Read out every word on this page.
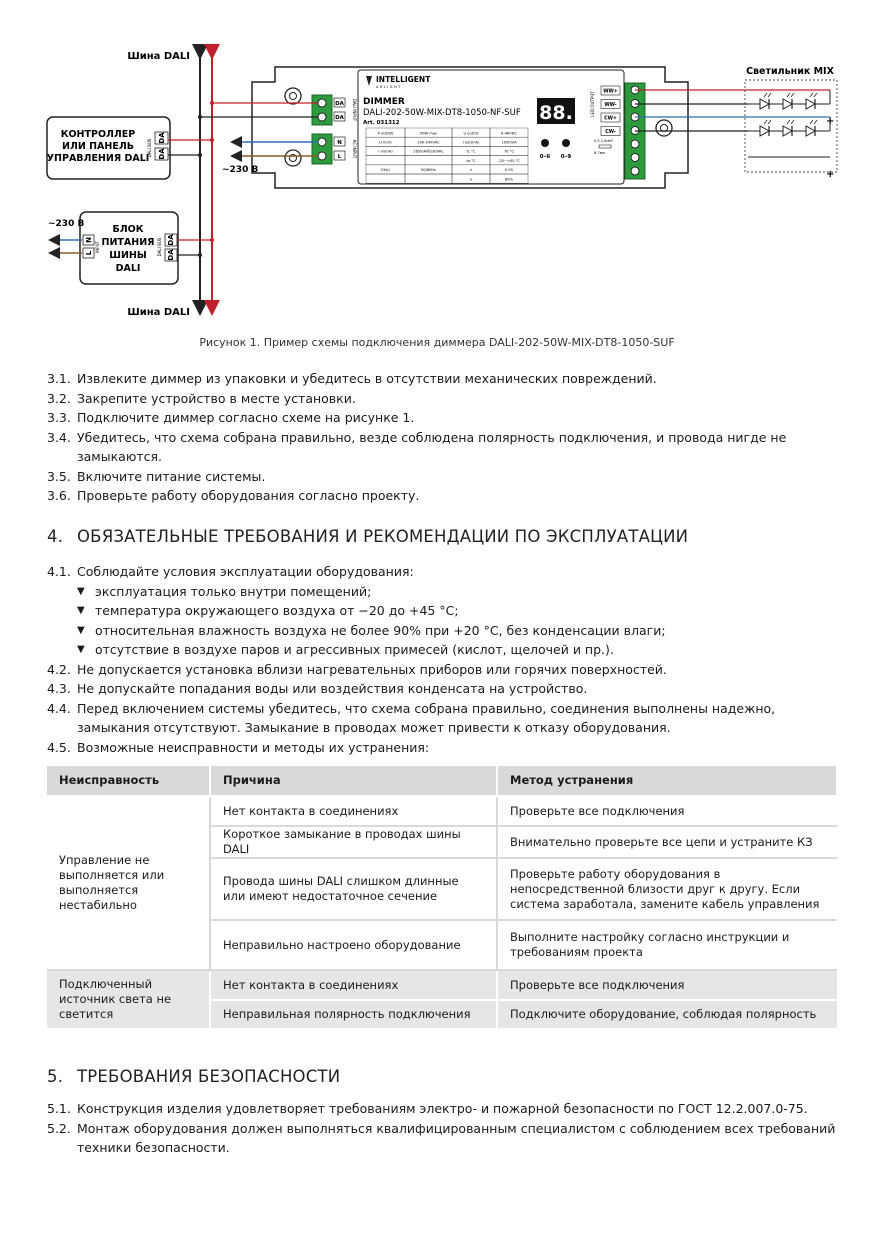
Шина DALI
Шина DALI
КОНТРОЛЛЕР
ИЛИ ПАНЕЛЬ
УПРАВЛЕНИЯ DALI
DALI BUS
DA
DA
БЛОК
ПИТАНИЯ
ШИНЫ
DALI
N
L
INPUT
DA
DA
DALI BUS
~230 В
DA
DA
N
L
DALI INPUT
AC INPUT
~230 В
INTELLIGENT
ARLIGHT
DIMMER
DALI-202-50W-MIX-DT8-1050-NF-SUF
Art. 031312
P out(W)	50W max	U out(V)	6-48VDC
U in(V)	200-240VAC	I out(mA)	1050mA
I in(mA)	265mA@230VAC	tc °C	70 °C
ta °C	-20~+45 °C
f(Hz)	50/60Hz	λ	0.95
η	89%
88.
0–6 0–9
LED OUTPUT WW+
WW-
CW+
CW-
0,5-1,5мм²
6-7мм
Светильник MIX
+
+
Рисунок 1. Пример схемы подключения диммера DALI-202-50W-MIX-DT8-1050-SUF
3.1. Извлеките диммер из упаковки и убедитесь в отсутствии механических повреждений.
3.2. Закрепите устройство в месте установки.
3.3. Подключите диммер согласно схеме на рисунке 1.
3.4. Убедитесь, что схема собрана правильно, везде соблюдена полярность подключения, и провода нигде не замыкаются.
3.5. Включите питание системы.
3.6. Проверьте работу оборудования согласно проекту.
4. ОБЯЗАТЕЛЬНЫЕ ТРЕБОВАНИЯ И РЕКОМЕНДАЦИИ ПО ЭКСПЛУАТАЦИИ
4.1. Соблюдайте условия эксплуатации оборудования:
▼ эксплуатация только внутри помещений;
▼ температура окружающего воздуха от −20 до +45 °C;
▼ относительная влажность воздуха не более 90% при +20 °C, без конденсации влаги;
▼ отсутствие в воздухе паров и агрессивных примесей (кислот, щелочей и пр.).
4.2. Не допускается установка вблизи нагревательных приборов или горячих поверхностей.
4.3. Не допускайте попадания воды или воздействия конденсата на устройство.
4.4. Перед включением системы убедитесь, что схема собрана правильно, соединения выполнены надежно, замыкания отсутствуют. Замыкание в проводах может привести к отказу оборудования.
4.5. Возможные неисправности и методы их устранения:
Неисправность	Причина	Метод устранения
Управление не выполняется или выполняется нестабильно	Нет контакта в соединениях	Проверьте все подключения
	Короткое замыкание в проводах шины DALI	Внимательно проверьте все цепи и устраните КЗ
	Провода шины DALI слишком длинные или имеют недостаточное сечение	Проверьте работу оборудования в непосредственной близости друг к другу. Если система заработала, замените кабель управления
	Неправильно настроено оборудование	Выполните настройку согласно инструкции и требованиям проекта
Подключенный источник света не светится	Нет контакта в соединениях	Проверьте все подключения
	Неправильная полярность подключения	Подключите оборудование, соблюдая полярность
5. ТРЕБОВАНИЯ БЕЗОПАСНОСТИ
5.1. Конструкция изделия удовлетворяет требованиям электро- и пожарной безопасности по ГОСТ 12.2.007.0-75.
5.2. Монтаж оборудования должен выполняться квалифицированным специалистом с соблюдением всех требований техники безопасности.
